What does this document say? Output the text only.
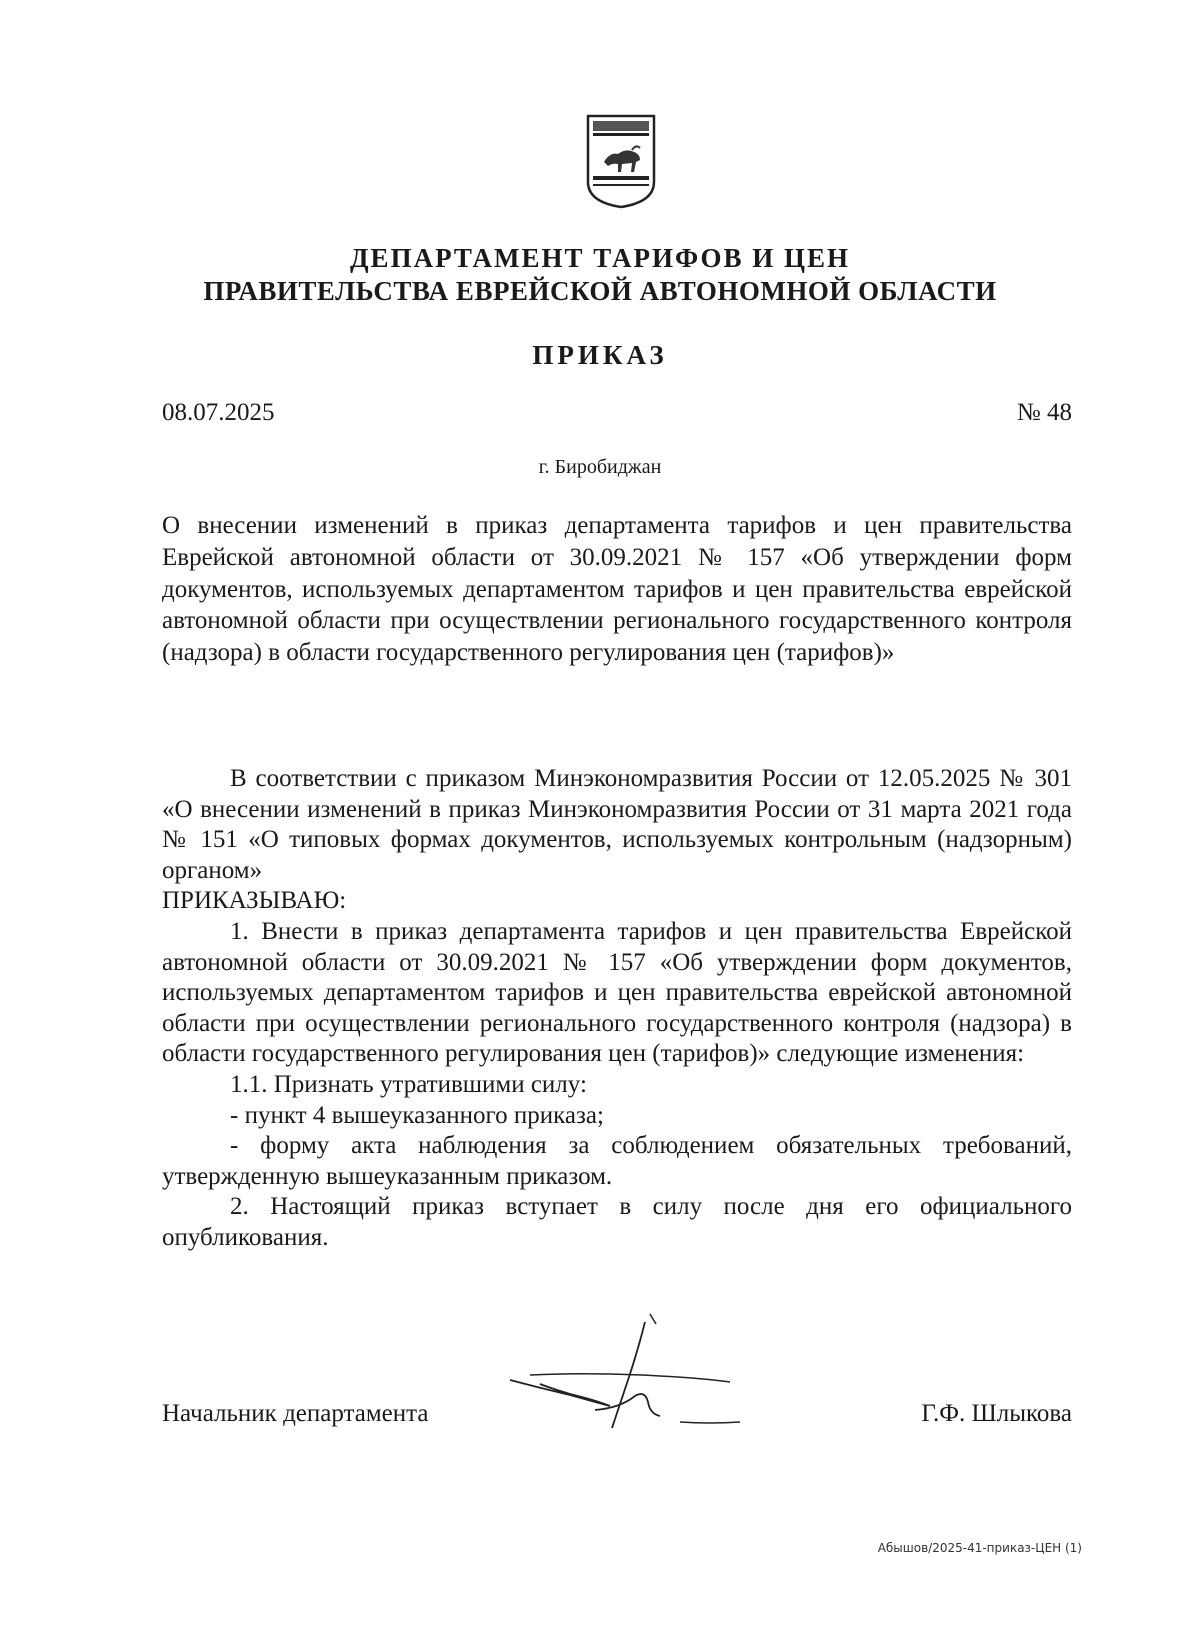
ДЕПАРТАМЕНТ ТАРИФОВ И ЦЕН
ПРАВИТЕЛЬСТВА ЕВРЕЙСКОЙ АВТОНОМНОЙ ОБЛАСТИ
ПРИКАЗ
08.07.2025	№ 48
г. Биробиджан
О внесении изменений в приказ департамента тарифов и цен правительства Еврейской автономной области от 30.09.2021 № 157 «Об утверждении форм документов, используемых департаментом тарифов и цен правительства еврейской автономной области при осуществлении регионального государственного контроля (надзора) в области государственного регулирования цен (тарифов)»

В соответствии с приказом Минэкономразвития России от 12.05.2025 № 301 «О внесении изменений в приказ Минэкономразвития России от 31 марта 2021 года № 151 «О типовых формах документов, используемых контрольным (надзорным) органом»

ПРИКАЗЫВАЮ:

1. Внести в приказ департамента тарифов и цен правительства Еврейской автономной области от 30.09.2021 № 157 «Об утверждении форм документов, используемых департаментом тарифов и цен правительства еврейской автономной области при осуществлении регионального государственного контроля (надзора) в области государственного регулирования цен (тарифов)» следующие изменения:

1.1. Признать утратившими силу:

- пункт 4 вышеуказанного приказа;

- форму акта наблюдения за соблюдением обязательных требований, утвержденную вышеуказанным приказом.

2. Настоящий приказ вступает в силу после дня его официального опубликования.

Начальник департамента	Г.Ф. Шлыкова
Абышов/2025-41-приказ-ЦЕН (1)
